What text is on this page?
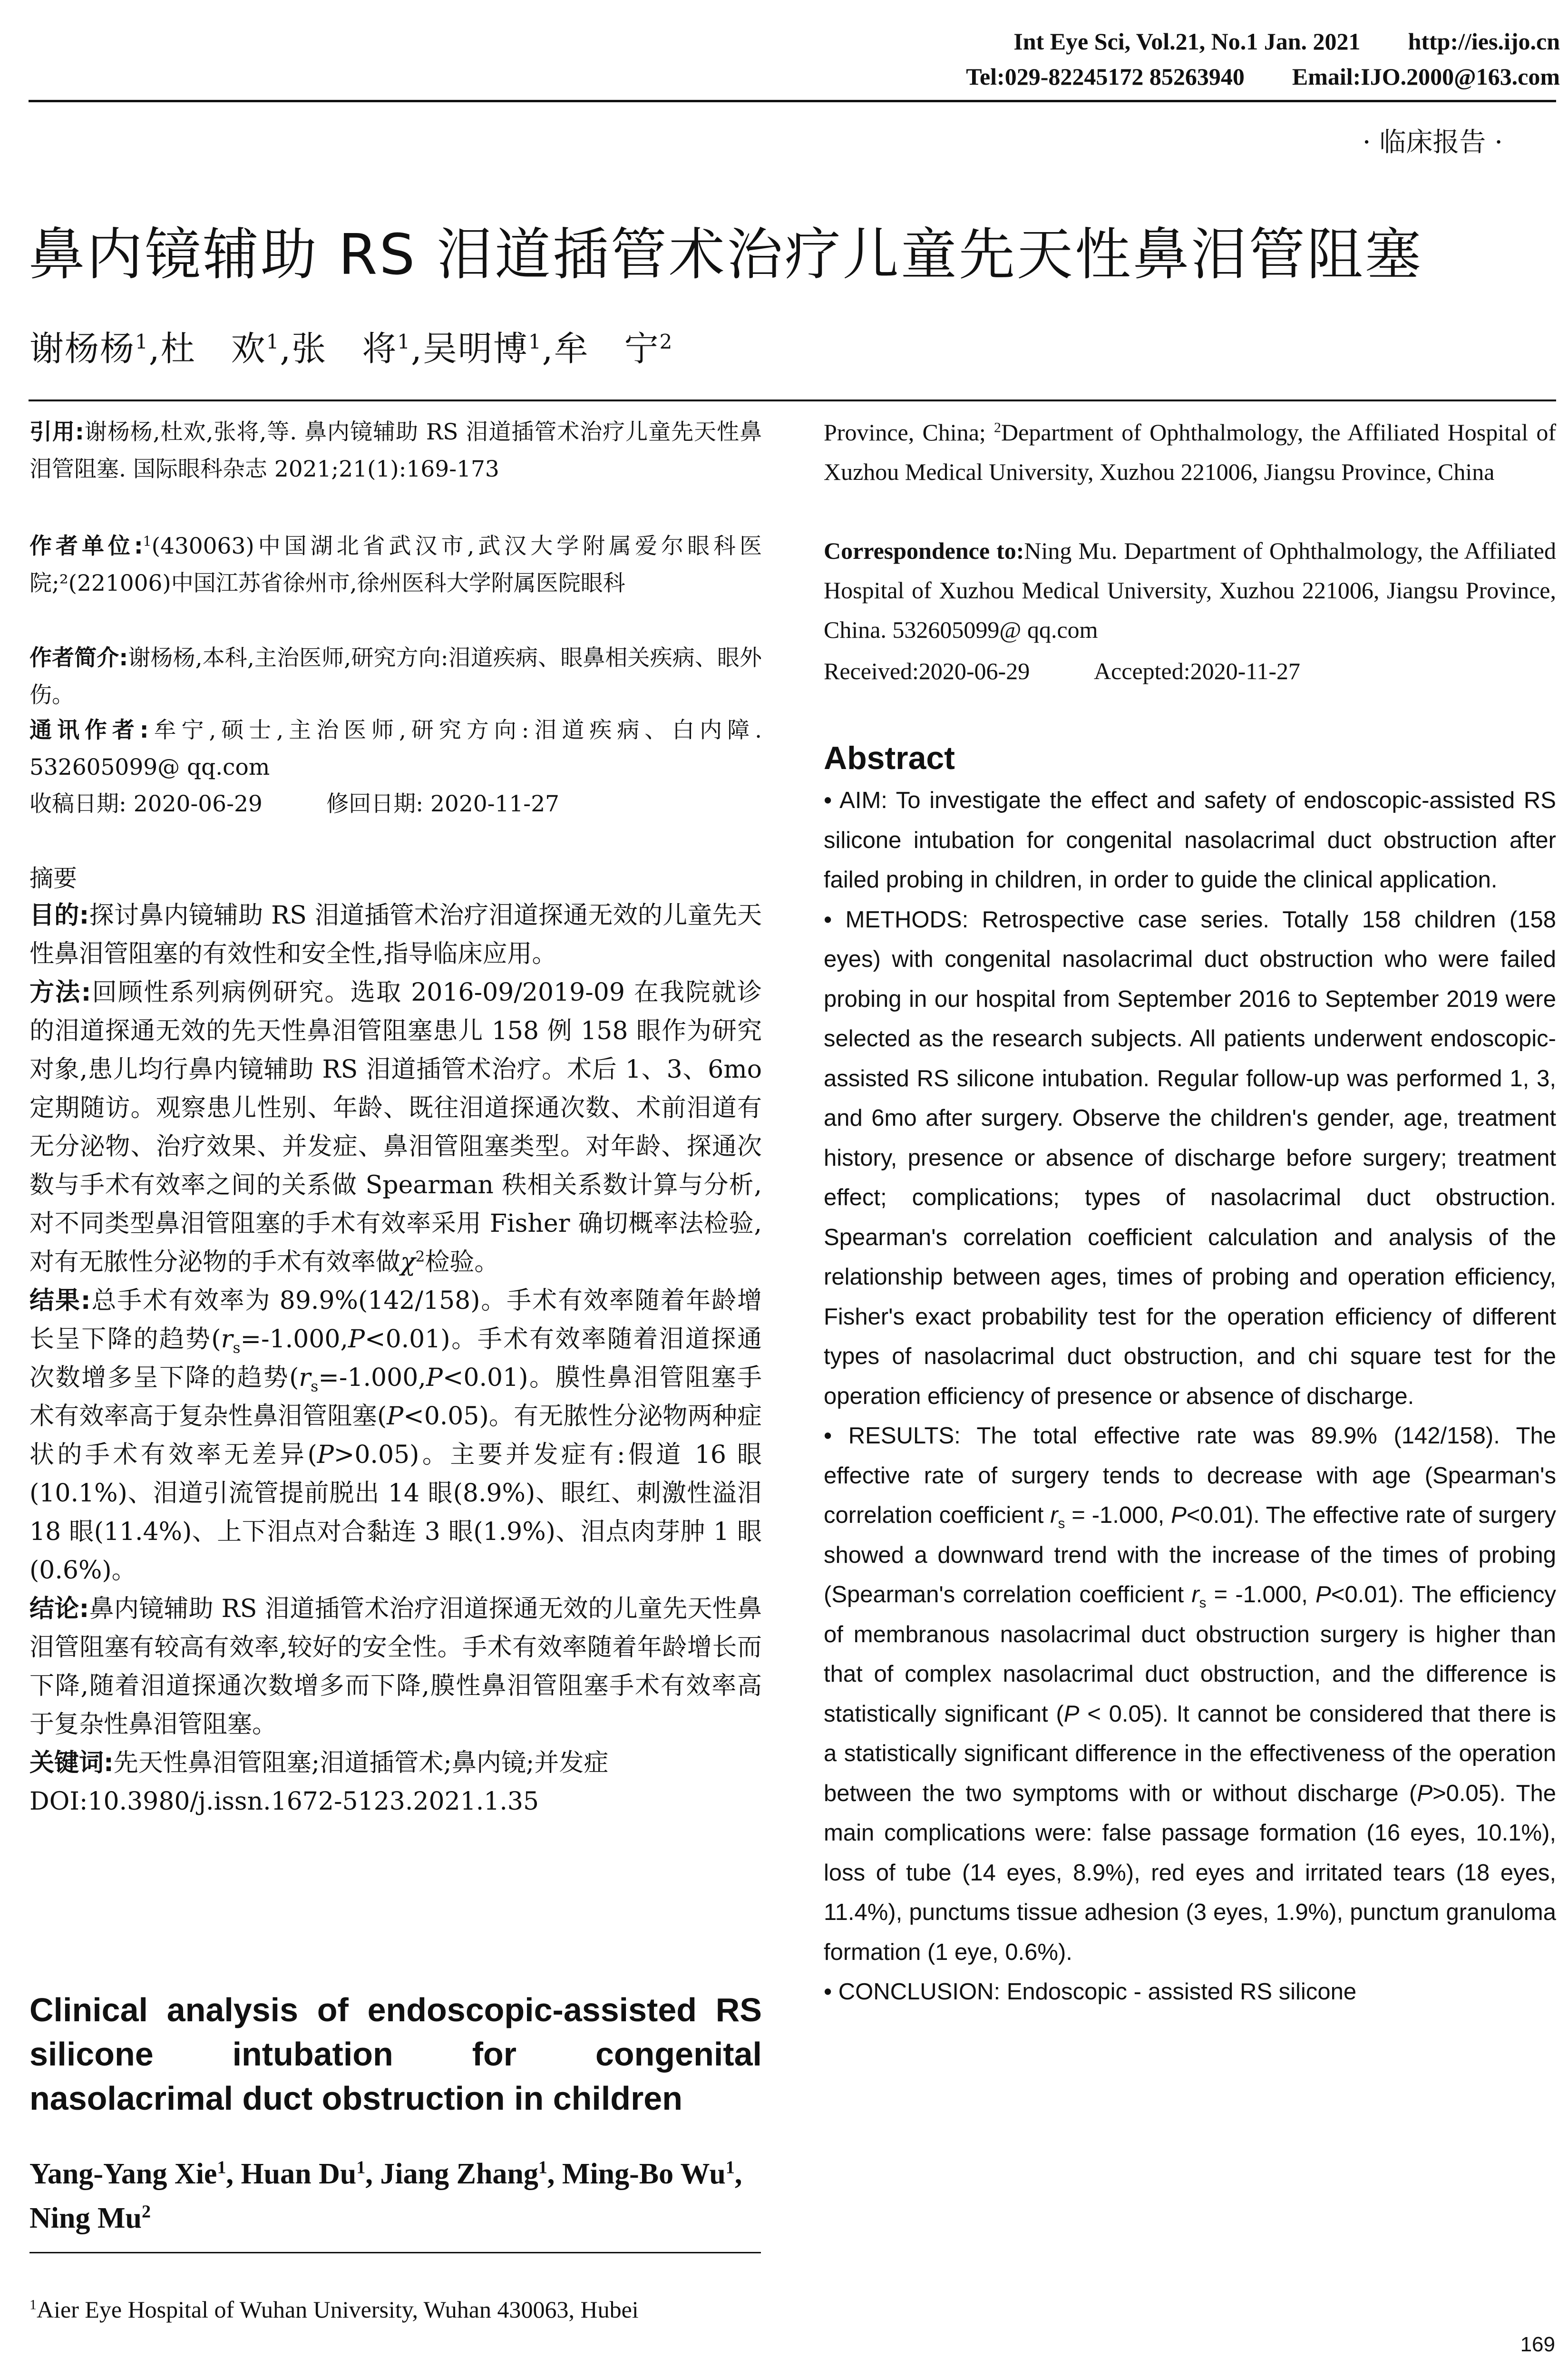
Int Eye Sci, Vol.21, No.1 Jan. 2021 http://ies.ijo.cn
Tel:029-82245172 85263940 Email:IJO.2000@163.com
· 临床报告 ·
鼻内镜辅助 RS 泪道插管术治疗儿童先天性鼻泪管阻塞
谢杨杨$^1$,杜　欢$^1$,张　将$^1$,吴明博$^1$,牟　宁$^2$
引用:谢杨杨,杜欢,张将,等. 鼻内镜辅助 RS 泪道插管术治疗儿童先天性鼻泪管阻塞. 国际眼科杂志 2021;21(1):169-173
作者单位:$^1$(430063)中国湖北省武汉市,武汉大学附属爱尔眼科医院;²(221006)中国江苏省徐州市,徐州医科大学附属医院眼科
作者简介:谢杨杨,本科,主治医师,研究方向:泪道疾病、眼鼻相关疾病、眼外伤。
通讯作者:牟宁,硕士,主治医师,研究方向:泪道疾病、白内障. 532605099@ qq.com
收稿日期: 2020-06-29	修回日期: 2020-11-27
摘要
目的:探讨鼻内镜辅助 RS 泪道插管术治疗泪道探通无效的儿童先天性鼻泪管阻塞的有效性和安全性,指导临床应用。
方法:回顾性系列病例研究。选取 2016-09/2019-09 在我院就诊的泪道探通无效的先天性鼻泪管阻塞患儿 158 例 158 眼作为研究对象,患儿均行鼻内镜辅助 RS 泪道插管术治疗。术后 1、3、6mo 定期随访。观察患儿性别、年龄、既往泪道探通次数、术前泪道有无分泌物、治疗效果、并发症、鼻泪管阻塞类型。对年龄、探通次数与手术有效率之间的关系做 Spearman 秩相关系数计算与分析,对不同类型鼻泪管阻塞的手术有效率采用 Fisher 确切概率法检验,对有无脓性分泌物的手术有效率做$\chi^2$检验。
结果:总手术有效率为 89.9%(142/158)。手术有效率随着年龄增长呈下降的趋势$(r_s=-1.000,P<0.01)$。手术有效率随着泪道探通次数增多呈下降的趋势$(r_s=-1.000,P<0.01)$。膜性鼻泪管阻塞手术有效率高于复杂性鼻泪管阻塞(P<0.05)。有无脓性分泌物两种症状的手术有效率无差异(P>0.05)。主要并发症有:假道 16 眼(10.1%)、泪道引流管提前脱出 14 眼(8.9%)、眼红、刺激性溢泪 18 眼(11.4%)、上下泪点对合黏连 3 眼(1.9%)、泪点肉芽肿 1 眼(0.6%)。
结论:鼻内镜辅助 RS 泪道插管术治疗泪道探通无效的儿童先天性鼻泪管阻塞有较高有效率,较好的安全性。手术有效率随着年龄增长而下降,随着泪道探通次数增多而下降,膜性鼻泪管阻塞手术有效率高于复杂性鼻泪管阻塞。
关键词:先天性鼻泪管阻塞;泪道插管术;鼻内镜;并发症
DOI:10.3980/j.issn.1672-5123.2021.1.35
Clinical analysis of endoscopic-assisted RS silicone intubation for congenital nasolacrimal duct obstruction in children
Yang-Yang Xie$^1$, Huan Du$^1$, Jiang Zhang$^1$, Ming-Bo Wu$^1$, Ning Mu$^2$
$^1$Aier Eye Hospital of Wuhan University, Wuhan 430063, Hubei
Province, China; $^2$Department of Ophthalmology, the Affiliated Hospital of Xuzhou Medical University, Xuzhou 221006, Jiangsu Province, China
Correspondence to:Ning Mu. Department of Ophthalmology, the Affiliated Hospital of Xuzhou Medical University, Xuzhou 221006, Jiangsu Province, China. 532605099@ qq.com
Received:2020-06-29	Accepted:2020-11-27
Abstract
• AIM: To investigate the effect and safety of endoscopic-assisted RS silicone intubation for congenital nasolacrimal duct obstruction after failed probing in children, in order to guide the clinical application.
• METHODS: Retrospective case series. Totally 158 children (158 eyes) with congenital nasolacrimal duct obstruction who were failed probing in our hospital from September 2016 to September 2019 were selected as the research subjects. All patients underwent endoscopic-assisted RS silicone intubation. Regular follow-up was performed 1, 3, and 6mo after surgery. Observe the children's gender, age, treatment history, presence or absence of discharge before surgery; treatment effect; complications; types of nasolacrimal duct obstruction. Spearman's correlation coefficient calculation and analysis of the relationship between ages, times of probing and operation efficiency, Fisher's exact probability test for the operation efficiency of different types of nasolacrimal duct obstruction, and chi square test for the operation efficiency of presence or absence of discharge.
• RESULTS: The total effective rate was 89.9% (142/158). The effective rate of surgery tends to decrease with age (Spearman's correlation coefficient $r_s = -1.000$, P<0.01). The effective rate of surgery showed a downward trend with the increase of the times of probing (Spearman's correlation coefficient $r_s = -1.000$, P<0.01). The efficiency of membranous nasolacrimal duct obstruction surgery is higher than that of complex nasolacrimal duct obstruction, and the difference is statistically significant (P < 0.05). It cannot be considered that there is a statistically significant difference in the effectiveness of the operation between the two symptoms with or without discharge (P>0.05). The main complications were: false passage formation (16 eyes, 10.1%), loss of tube (14 eyes, 8.9%), red eyes and irritated tears (18 eyes, 11.4%), punctums tissue adhesion (3 eyes, 1.9%), punctum granuloma formation (1 eye, 0.6%).
• CONCLUSION: Endoscopic - assisted RS silicone
169
